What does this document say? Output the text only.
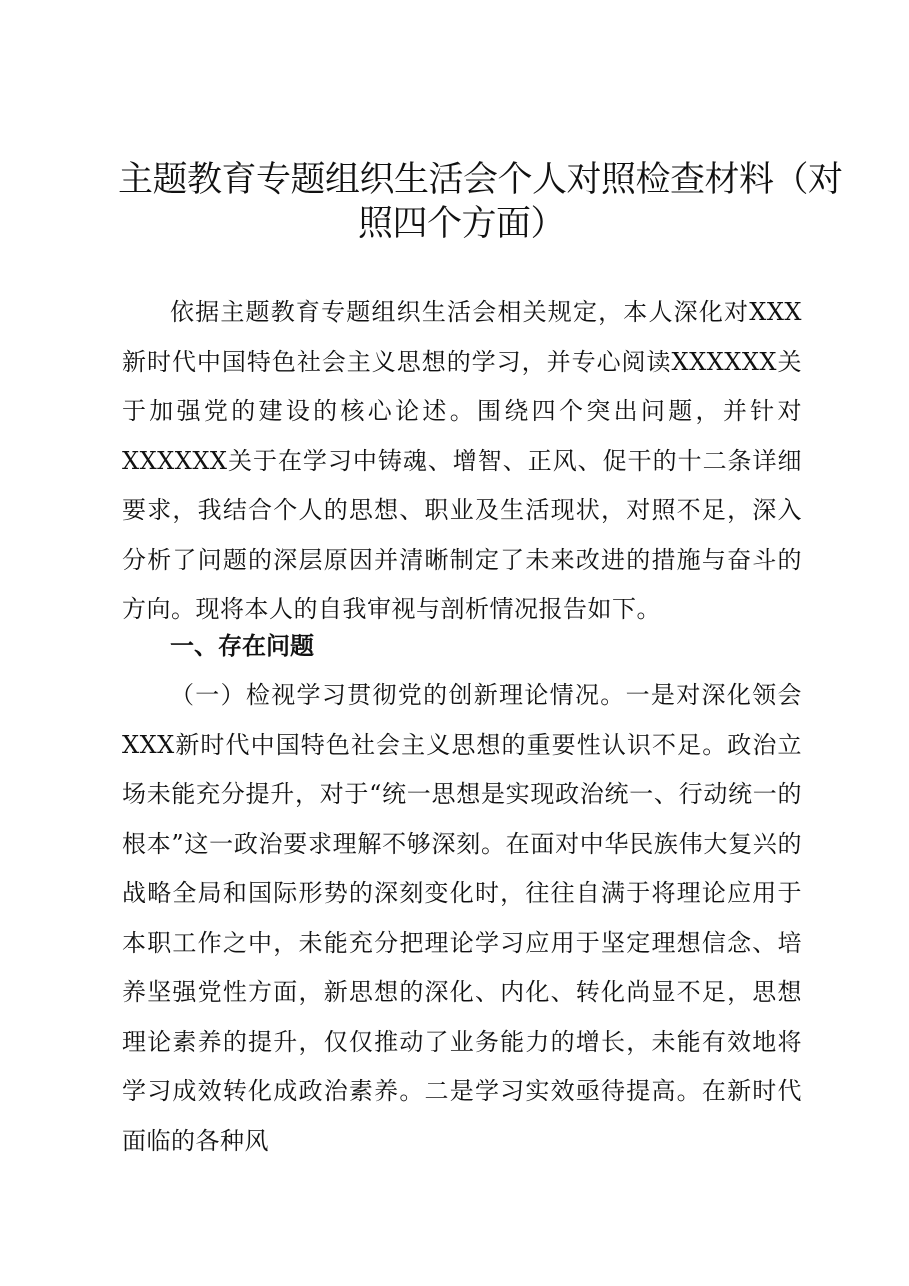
主题教育专题组织生活会个人对照检查材料（对
照四个方面）

依据主题教育专题组织生活会相关规定，本人深化对XXX新时代中国特色社会主义思想的学习，并专心阅读XXXXXX关于加强党的建设的核心论述。围绕四个突出问题，并针对XXXXXX关于在学习中铸魂、增智、正风、促干的十二条详细要求，我结合个人的思想、职业及生活现状，对照不足，深入分析了问题的深层原因并清晰制定了未来改进的措施与奋斗的方向。现将本人的自我审视与剖析情况报告如下。

一、存在问题

（一）检视学习贯彻党的创新理论情况。一是对深化领会XXX新时代中国特色社会主义思想的重要性认识不足。政治立场未能充分提升，对于“统一思想是实现政治统一、行动统一的根本”这一政治要求理解不够深刻。在面对中华民族伟大复兴的战略全局和国际形势的深刻变化时，往往自满于将理论应用于本职工作之中，未能充分把理论学习应用于坚定理想信念、培养坚强党性方面，新思想的深化、内化、转化尚显不足，思想理论素养的提升，仅仅推动了业务能力的增长，未能有效地将学习成效转化成政治素养。二是学习实效亟待提高。在新时代面临的各种风
